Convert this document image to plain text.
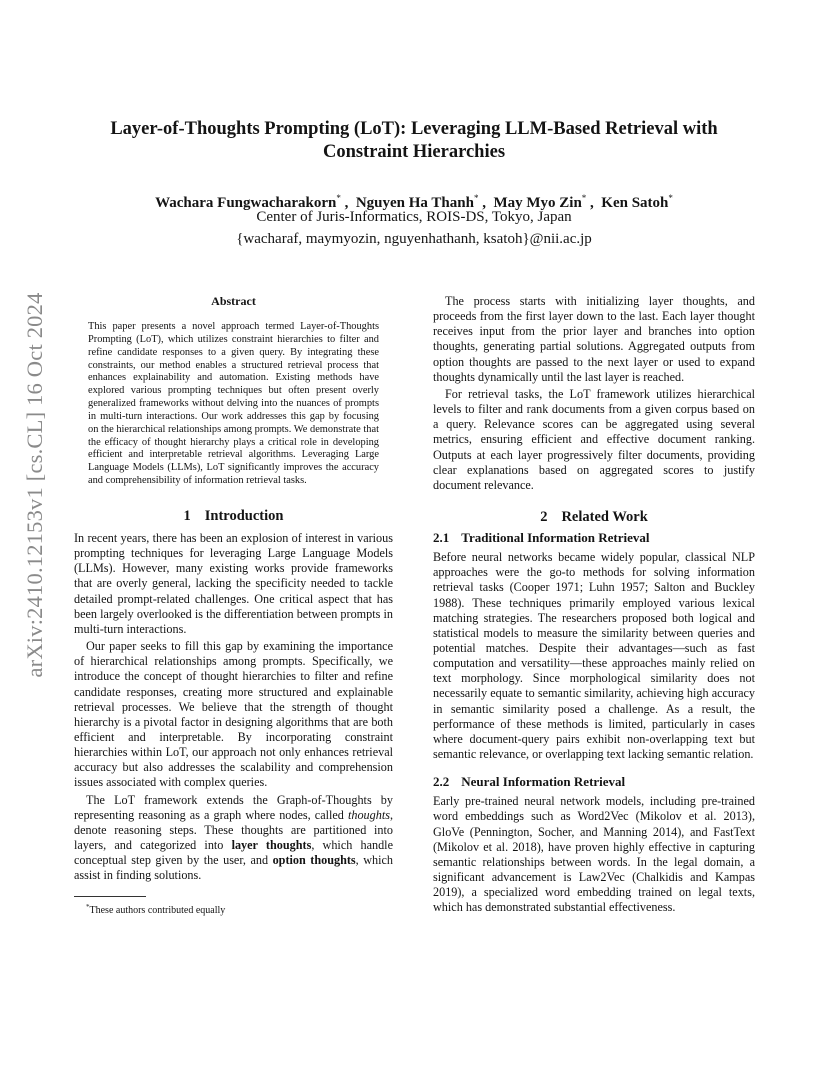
arXiv:2410.12153v1 [cs.CL] 16 Oct 2024
Layer-of-Thoughts Prompting (LoT): Leveraging LLM-Based Retrieval with
Constraint Hierarchies
Wachara Fungwacharakorn* ,  Nguyen Ha Thanh* ,  May Myo Zin* ,  Ken Satoh*
Center of Juris-Informatics, ROIS-DS, Tokyo, Japan
{wacharaf, maymyozin, nguyenhathanh, ksatoh}@nii.ac.jp
Abstract
This paper presents a novel approach termed Layer-of-Thoughts Prompting (LoT), which utilizes constraint hierarchies to filter and refine candidate responses to a given query. By integrating these constraints, our method enables a structured retrieval process that enhances explainability and automation. Existing methods have explored various prompting techniques but often present overly generalized frameworks without delving into the nuances of prompts in multi-turn interactions. Our work addresses this gap by focusing on the hierarchical relationships among prompts. We demonstrate that the efficacy of thought hierarchy plays a critical role in developing efficient and interpretable retrieval algorithms. Leveraging Large Language Models (LLMs), LoT significantly improves the accuracy and comprehensibility of information retrieval tasks.
1 Introduction

In recent years, there has been an explosion of interest in various prompting techniques for leveraging Large Language Models (LLMs). However, many existing works provide frameworks that are overly general, lacking the specificity needed to tackle detailed prompt-related challenges. One critical aspect that has been largely overlooked is the differentiation between prompts in multi-turn interactions.

Our paper seeks to fill this gap by examining the importance of hierarchical relationships among prompts. Specifically, we introduce the concept of thought hierarchies to filter and refine candidate responses, creating more structured and explainable retrieval processes. We believe that the strength of thought hierarchy is a pivotal factor in designing algorithms that are both efficient and interpretable. By incorporating constraint hierarchies within LoT, our approach not only enhances retrieval accuracy but also addresses the scalability and comprehension issues associated with complex queries.

The LoT framework extends the Graph-of-Thoughts by representing reasoning as a graph where nodes, called thoughts, denote reasoning steps. These thoughts are partitioned into layers, and categorized into layer thoughts, which handle conceptual step given by the user, and option thoughts, which assist in finding solutions.

*These authors contributed equally

The process starts with initializing layer thoughts, and proceeds from the first layer down to the last. Each layer thought receives input from the prior layer and branches into option thoughts, generating partial solutions. Aggregated outputs from option thoughts are passed to the next layer or used to expand thoughts dynamically until the last layer is reached.

For retrieval tasks, the LoT framework utilizes hierarchical levels to filter and rank documents from a given corpus based on a query. Relevance scores can be aggregated using several metrics, ensuring efficient and effective document ranking. Outputs at each layer progressively filter documents, providing clear explanations based on aggregated scores to justify document relevance.

2 Related Work
2.1 Traditional Information Retrieval

Before neural networks became widely popular, classical NLP approaches were the go-to methods for solving information retrieval tasks (Cooper 1971; Luhn 1957; Salton and Buckley 1988). These techniques primarily employed various lexical matching strategies. The researchers proposed both logical and statistical models to measure the similarity between queries and potential matches. Despite their advantages—such as fast computation and versatility—these approaches mainly relied on text morphology. Since morphological similarity does not necessarily equate to semantic similarity, achieving high accuracy in semantic similarity posed a challenge. As a result, the performance of these methods is limited, particularly in cases where document-query pairs exhibit non-overlapping text but semantic relevance, or overlapping text lacking semantic relation.

2.2 Neural Information Retrieval

Early pre-trained neural network models, including pre-trained word embeddings such as Word2Vec (Mikolov et al. 2013), GloVe (Pennington, Socher, and Manning 2014), and FastText (Mikolov et al. 2018), have proven highly effective in capturing semantic relationships between words. In the legal domain, a significant advancement is Law2Vec (Chalkidis and Kampas 2019), a specialized word embedding trained on legal texts, which has demonstrated substantial effectiveness.
